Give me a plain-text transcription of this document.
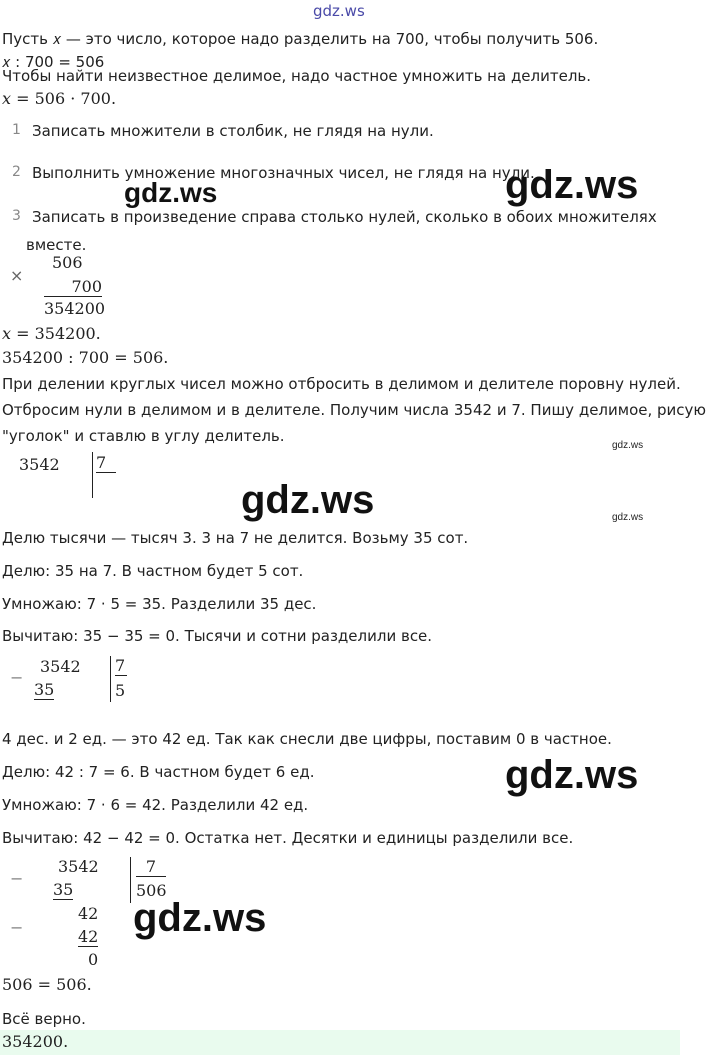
gdz.ws
Пусть 𝑥 — это число, которое надо разделить на 700, чтобы получить 506.
𝑥 : 700 = 506
Чтобы найти неизвестное делимое, надо частное умножить на делитель.
𝑥 = 506 · 700.
1 Записать множители в столбик, не глядя на нули.
2 Выполнить умножение многозначных чисел, не глядя на нули.
3 Записать в произведение справа столько нулей, сколько в обоих множителях
вместе.
×
506
700
354200
𝑥 = 354200.
354200 : 700 = 506.
При делении круглых чисел можно отбросить в делимом и делителе поровну нулей.
Отбросим нули в делимом и в делителе. Получим числа 3542 и 7. Пишу делимое, рисую
"уголок" и ставлю в углу делитель.
3542 7
Делю тысячи — тысяч 3. 3 на 7 не делится. Возьму 35 сот.
Делю: 35 на 7. В частном будет 5 сот.
Умножаю: 7 · 5 = 35. Разделили 35 дес.
Вычитаю: 35 − 35 = 0. Тысячи и сотни разделили все.
−
3542
35
7
5
4 дес. и 2 ед. — это 42 ед. Так как снесли две цифры, поставим 0 в частное.
Делю: 42 : 7 = 6. В частном будет 6 ед.
Умножаю: 7 · 6 = 42. Разделили 42 ед.
Вычитаю: 42 − 42 = 0. Остатка нет. Десятки и единицы разделили все.
−
3542
35
42
−	42
0
7
506
506 = 506.
Всё верно.
354200.
gdz.ws	gdz.ws
gdz.ws
gdz.ws	gdz.ws
gdz.ws
gdz.ws
